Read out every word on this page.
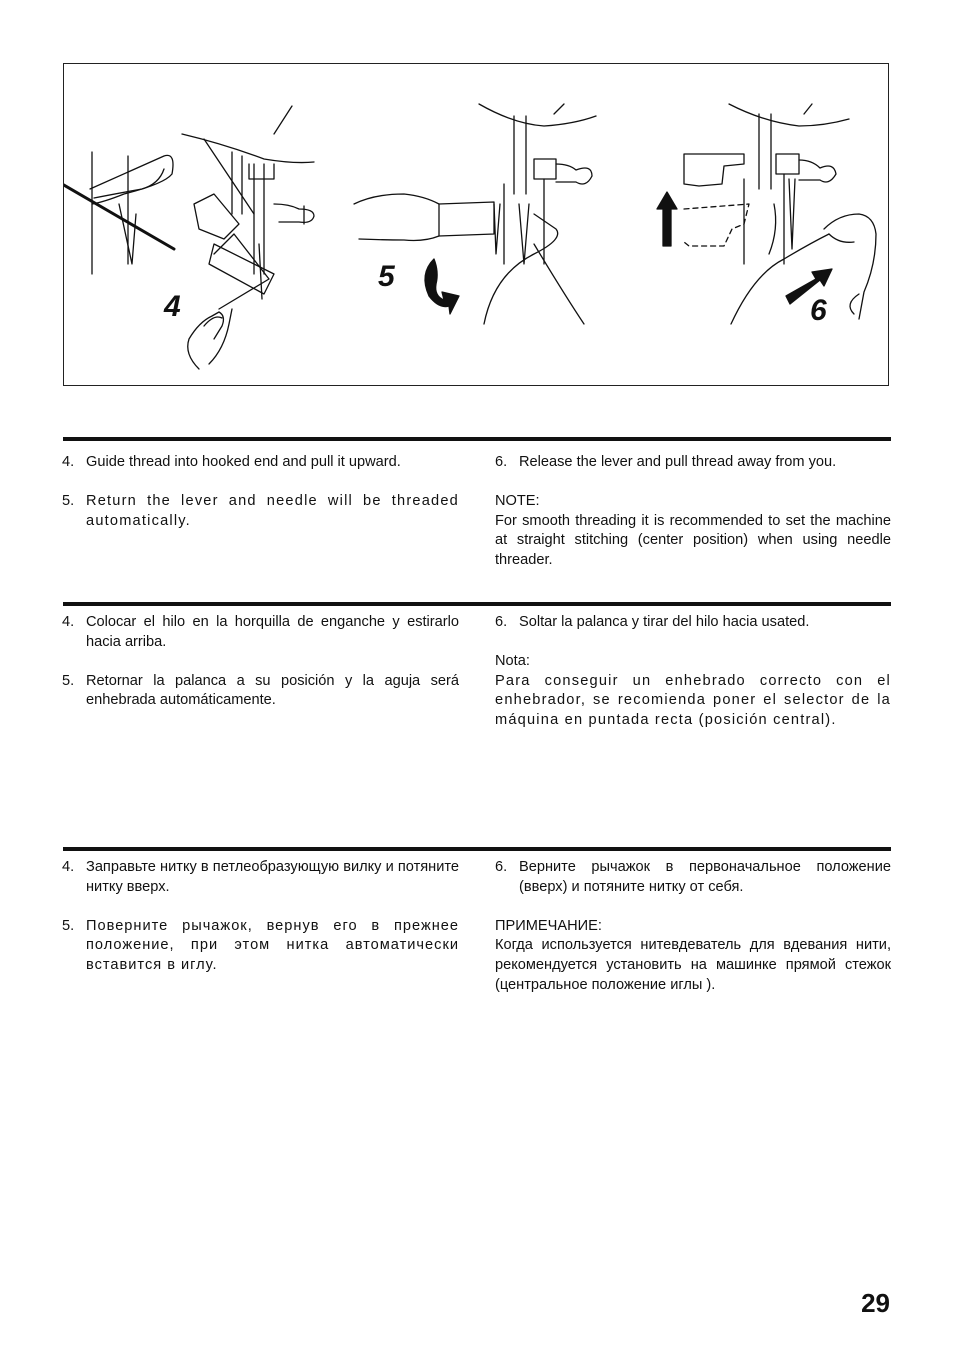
4
5
6
4. Guide thread into hooked end and pull it upward.
5. Return the lever and needle will be threaded automatically.
6. Release the lever and pull thread away from you.

NOTE:

For smooth threading it is recommended to set the machine at straight stitching (center position) when using needle threader.

4. Colocar el hilo en la horquilla de enganche y estirarlo hacia arriba.
5. Retornar la palanca a su posición y la aguja será enhebrada automáticamente.
6. Soltar la palanca y tirar del hilo hacia usated.

Nota:

Para conseguir un enhebrado correcto con el enhebrador, se recomienda poner el selector de la máquina en puntada recta (posición central).

4. Заправьте нитку в петлеобразующую вилку и потяните нитку вверх.
5. Поверните рычажок, вернув его в прежнее положение, при этом нитка автоматически вставится в иглу.
6. Верните рычажок в первоначальное положение (вверх) и потяните нитку от себя.

ПРИМЕЧАНИЕ:

Когда используется нитевдеватель для вдевания нити, рекомендуется установить на машинке прямой стежок (центральное положение иглы ).

29
